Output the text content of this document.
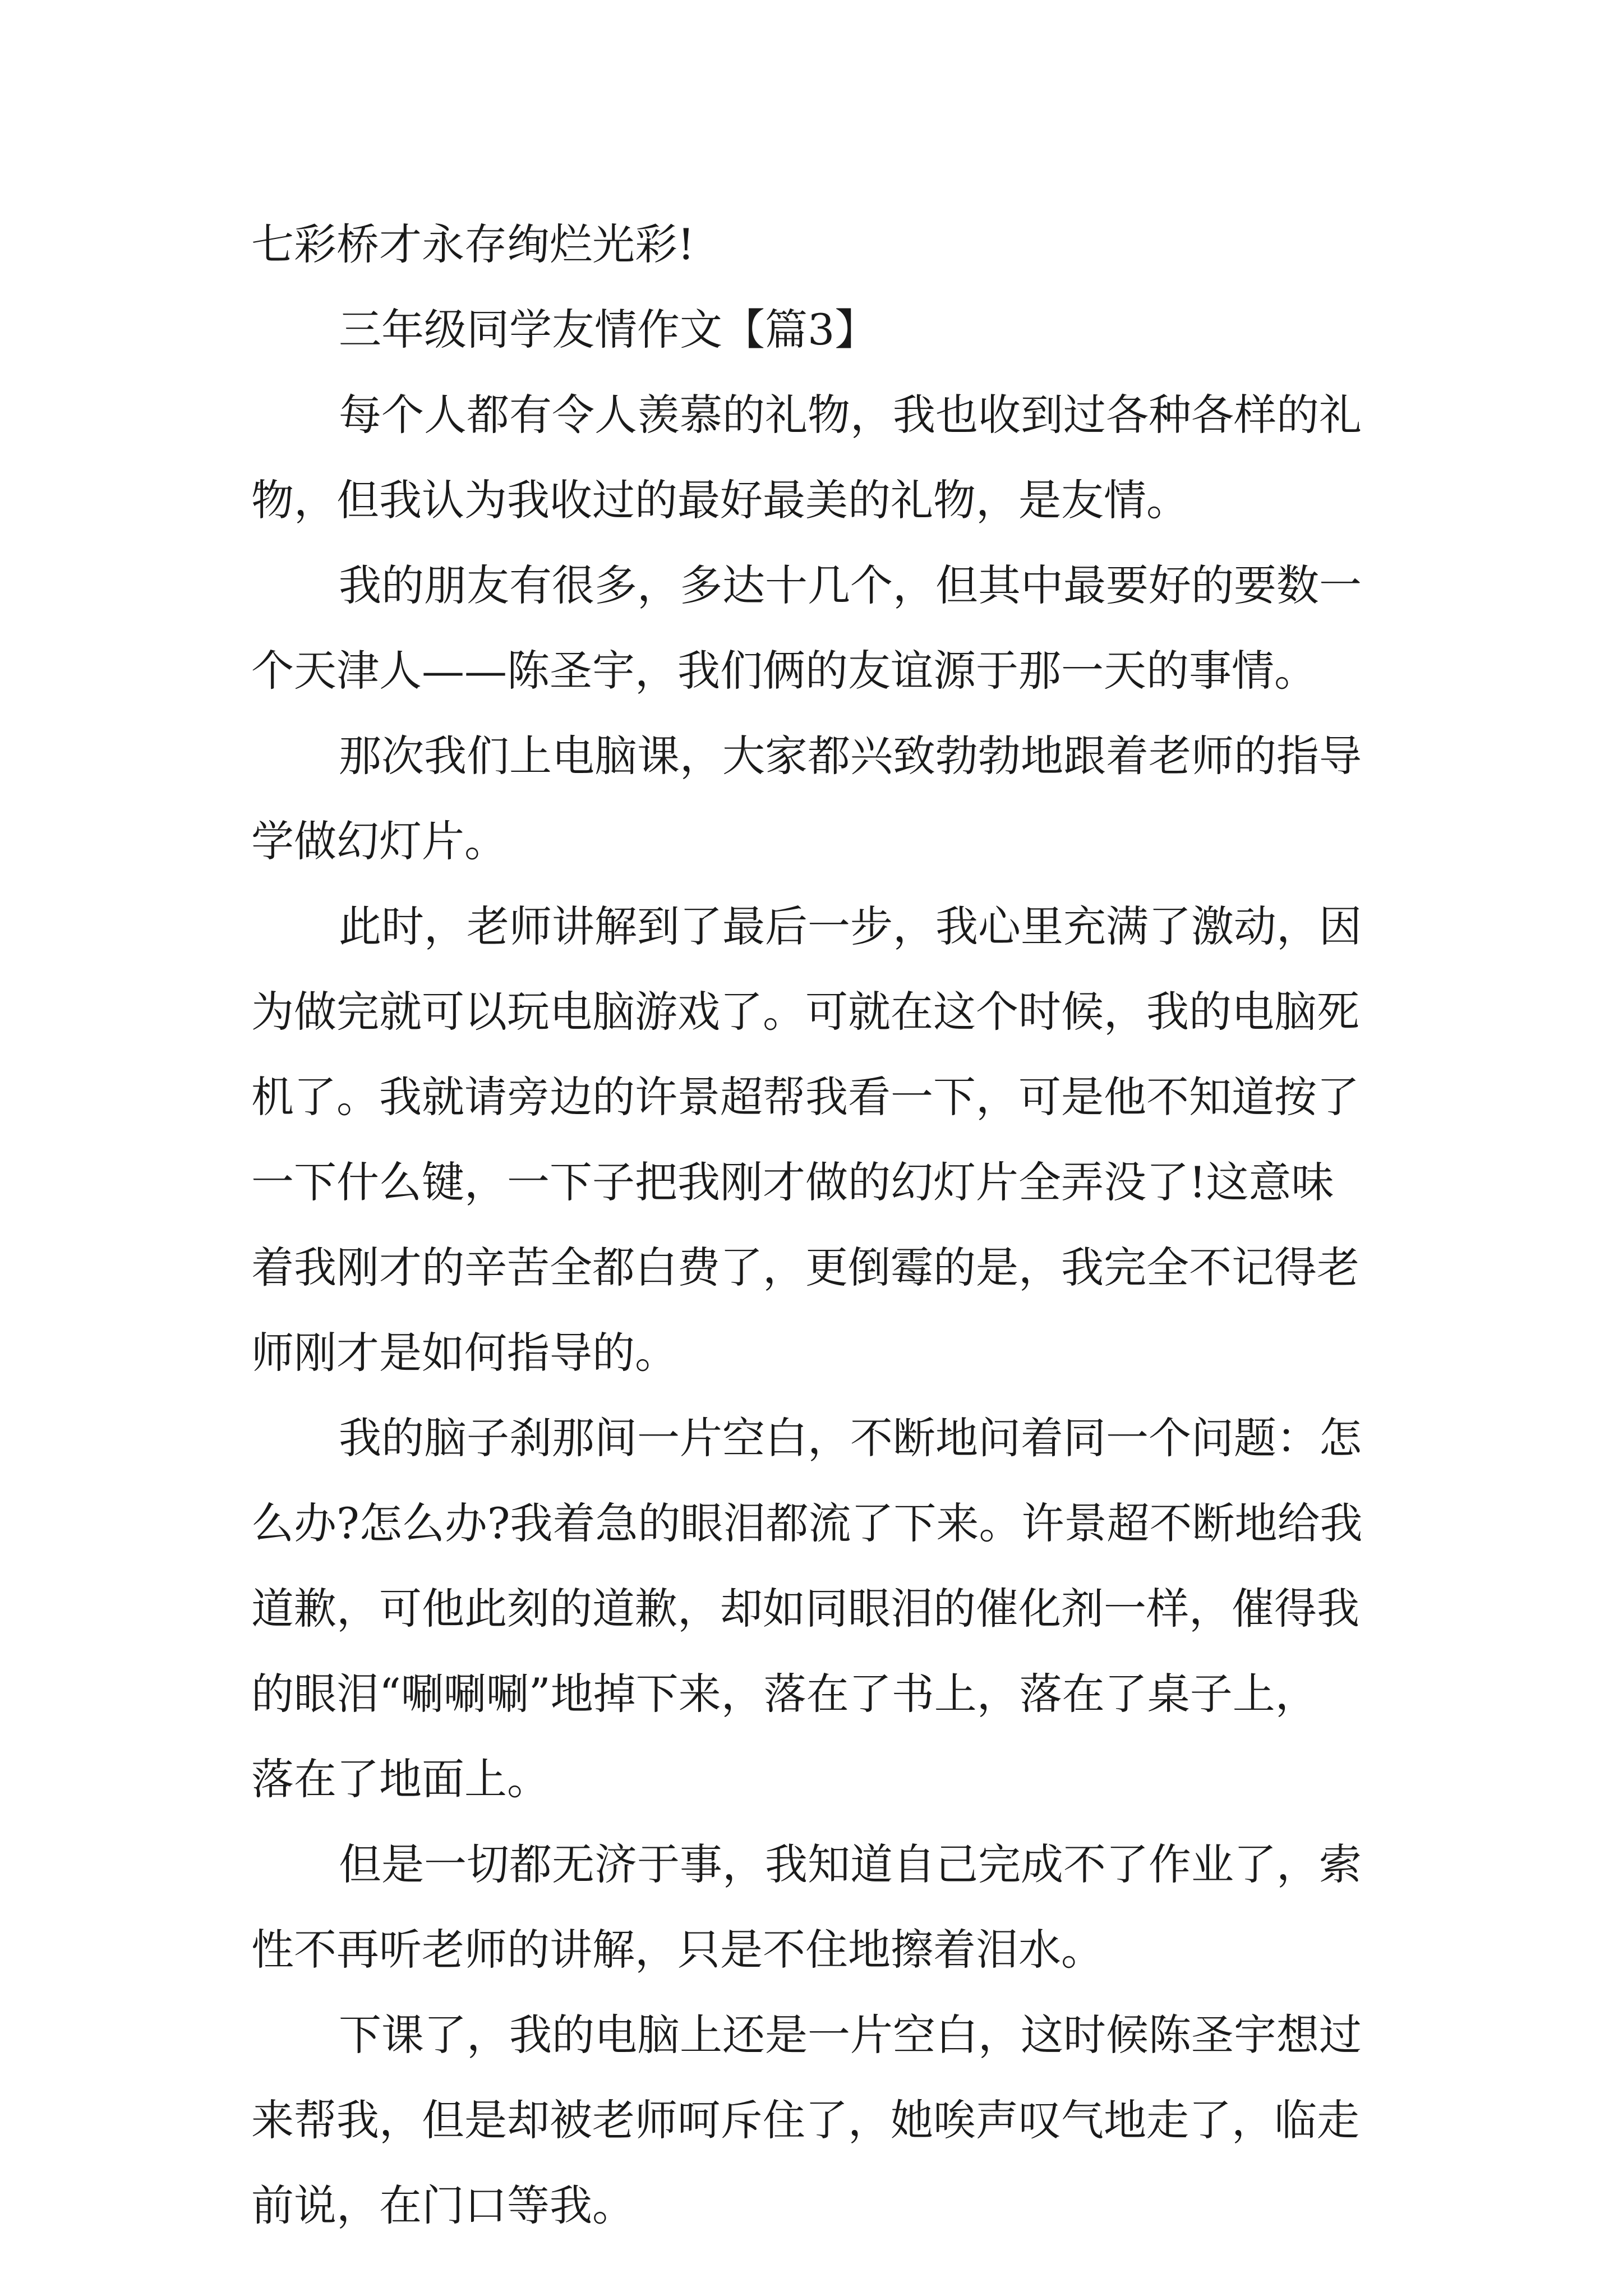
七彩桥才永存绚烂光彩!
三年级同学友情作文【篇3】
每个人都有令人羡慕的礼物，我也收到过各种各样的礼
物，但我认为我收过的最好最美的礼物，是友情。
我的朋友有很多，多达十几个，但其中最要好的要数一
个天津人——陈圣宇，我们俩的友谊源于那一天的事情。
那次我们上电脑课，大家都兴致勃勃地跟着老师的指导
学做幻灯片。
此时，老师讲解到了最后一步，我心里充满了激动，因
为做完就可以玩电脑游戏了。可就在这个时候，我的电脑死
机了。我就请旁边的许景超帮我看一下，可是他不知道按了
一下什么键，一下子把我刚才做的幻灯片全弄没了!这意味
着我刚才的辛苦全都白费了，更倒霉的是，我完全不记得老
师刚才是如何指导的。
我的脑子刹那间一片空白，不断地问着同一个问题：怎
么办?怎么办?我着急的眼泪都流了下来。许景超不断地给我
道歉，可他此刻的道歉，却如同眼泪的催化剂一样，催得我
的眼泪“唰唰唰”地掉下来，落在了书上，落在了桌子上，
落在了地面上。
但是一切都无济于事，我知道自己完成不了作业了，索
性不再听老师的讲解，只是不住地擦着泪水。
下课了，我的电脑上还是一片空白，这时候陈圣宇想过
来帮我，但是却被老师呵斥住了，她唉声叹气地走了，临走
前说，在门口等我。
